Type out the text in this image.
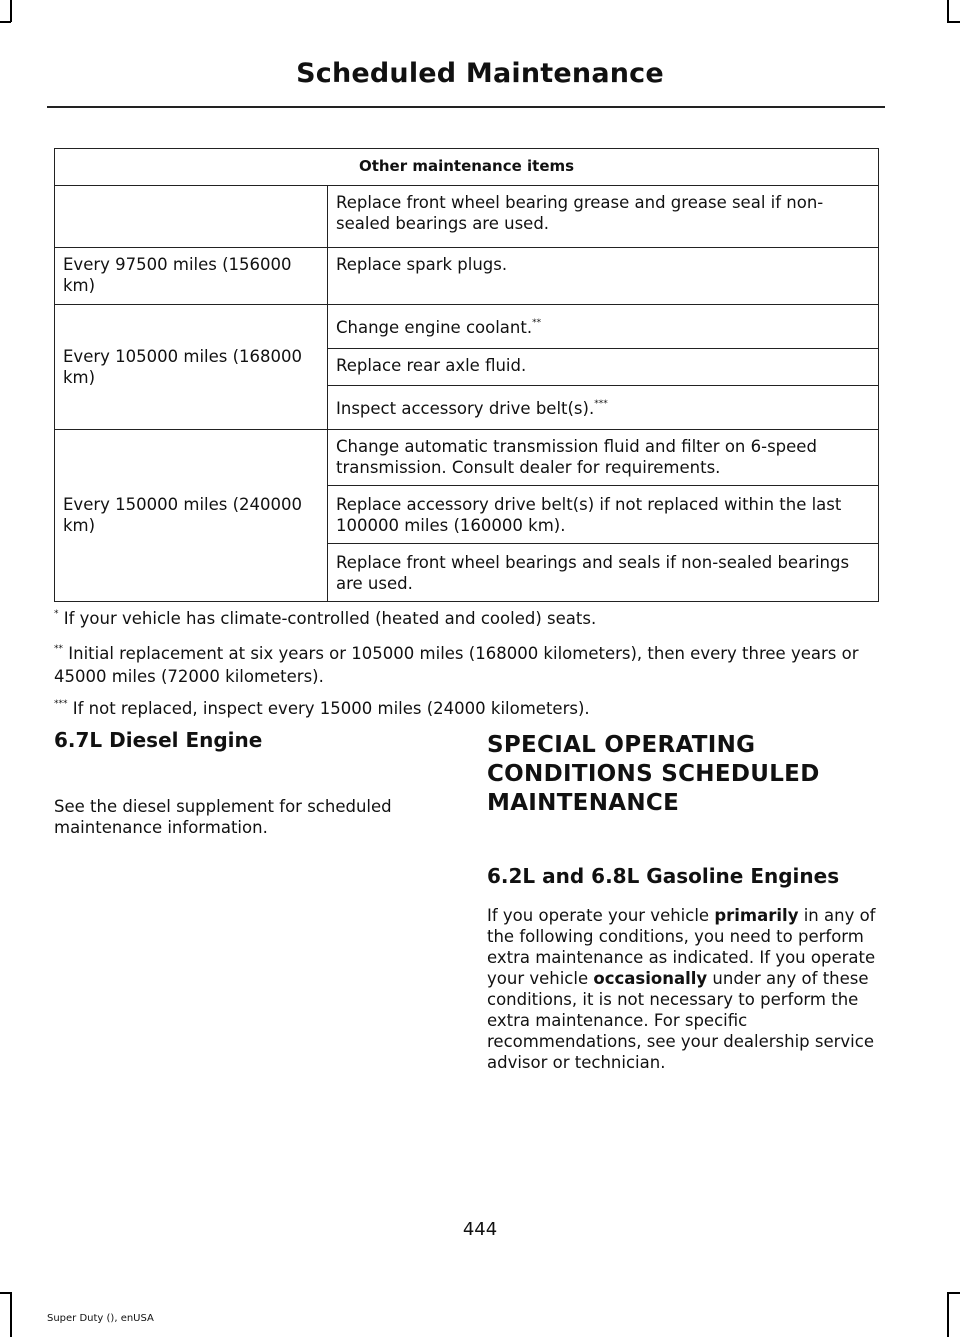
Scheduled Maintenance
Other maintenance items	
	Replace front wheel bearing grease and grease seal if non-sealed bearings are used.
Every 97500 miles (156000 km)	Replace spark plugs.
Every 105000 miles (168000 km)	Change engine coolant.**
	Replace rear axle fluid.
	Inspect accessory drive belt(s).***
Every 150000 miles (240000 km)	Change automatic transmission fluid and filter on 6-speed transmission. Consult dealer for requirements.
	Replace accessory drive belt(s) if not replaced within the last 100000 miles (160000 km).
	Replace front wheel bearings and seals if non-sealed bearings are used.
* If your vehicle has climate-controlled (heated and cooled) seats.
** Initial replacement at six years or 105000 miles (168000 kilometers), then every three years or 45000 miles (72000 kilometers).
*** If not replaced, inspect every 15000 miles (24000 kilometers).
6.7L Diesel Engine
See the diesel supplement for scheduled maintenance information.
SPECIAL OPERATING
CONDITIONS SCHEDULED
MAINTENANCE
6.2L and 6.8L Gasoline Engines
If you operate your vehicle primarily in any of the following conditions, you need to perform extra maintenance as indicated. If you operate your vehicle occasionally under any of these conditions, it is not necessary to perform the extra maintenance. For specific recommendations, see your dealership service advisor or technician.
444
Super Duty (), enUSA
